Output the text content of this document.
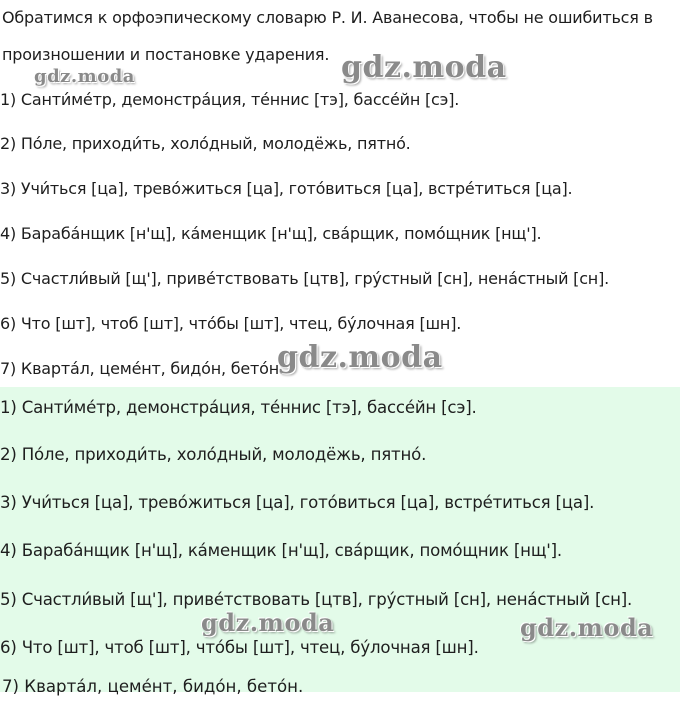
Обратимся к орфоэпическому словарю Р. И. Аванесова, чтобы не ошибиться в

произношении и постановке ударения.

1) Санти́ме́тр, демонстра́ция, те́ннис [тэ], бассе́йн [сэ].

2) По́ле, приходи́ть, холо́дный, молодёжь, пятно́.

3) Учи́ться [ца], трево́житься [ца], гото́виться [ца], встре́титься [ца].

4) Бараба́нщик [н'щ], ка́менщик [н'щ], сва́рщик, помо́щник [нщ'].

5) Счастли́вый [щ'], приве́тствовать [цтв], гру́стный [сн], нена́стный [сн].

6) Что [шт], чтоб [шт], что́бы [шт], чтец, бу́лочная [шн].

7) Кварта́л, цеме́нт, бидо́н, бето́н.

1) Санти́ме́тр, демонстра́ция, те́ннис [тэ], бассе́йн [сэ].

2) По́ле, приходи́ть, холо́дный, молодёжь, пятно́.

3) Учи́ться [ца], трево́житься [ца], гото́виться [ца], встре́титься [ца].

4) Бараба́нщик [н'щ], ка́менщик [н'щ], сва́рщик, помо́щник [нщ'].

5) Счастли́вый [щ'], приве́тствовать [цтв], гру́стный [сн], нена́стный [сн].

6) Что [шт], чтоб [шт], что́бы [шт], чтец, бу́лочная [шн].

7) Кварта́л, цеме́нт, бидо́н, бето́н.
gdz.moda	gdz.moda
gdz.moda
gdz.moda	gdz.moda
